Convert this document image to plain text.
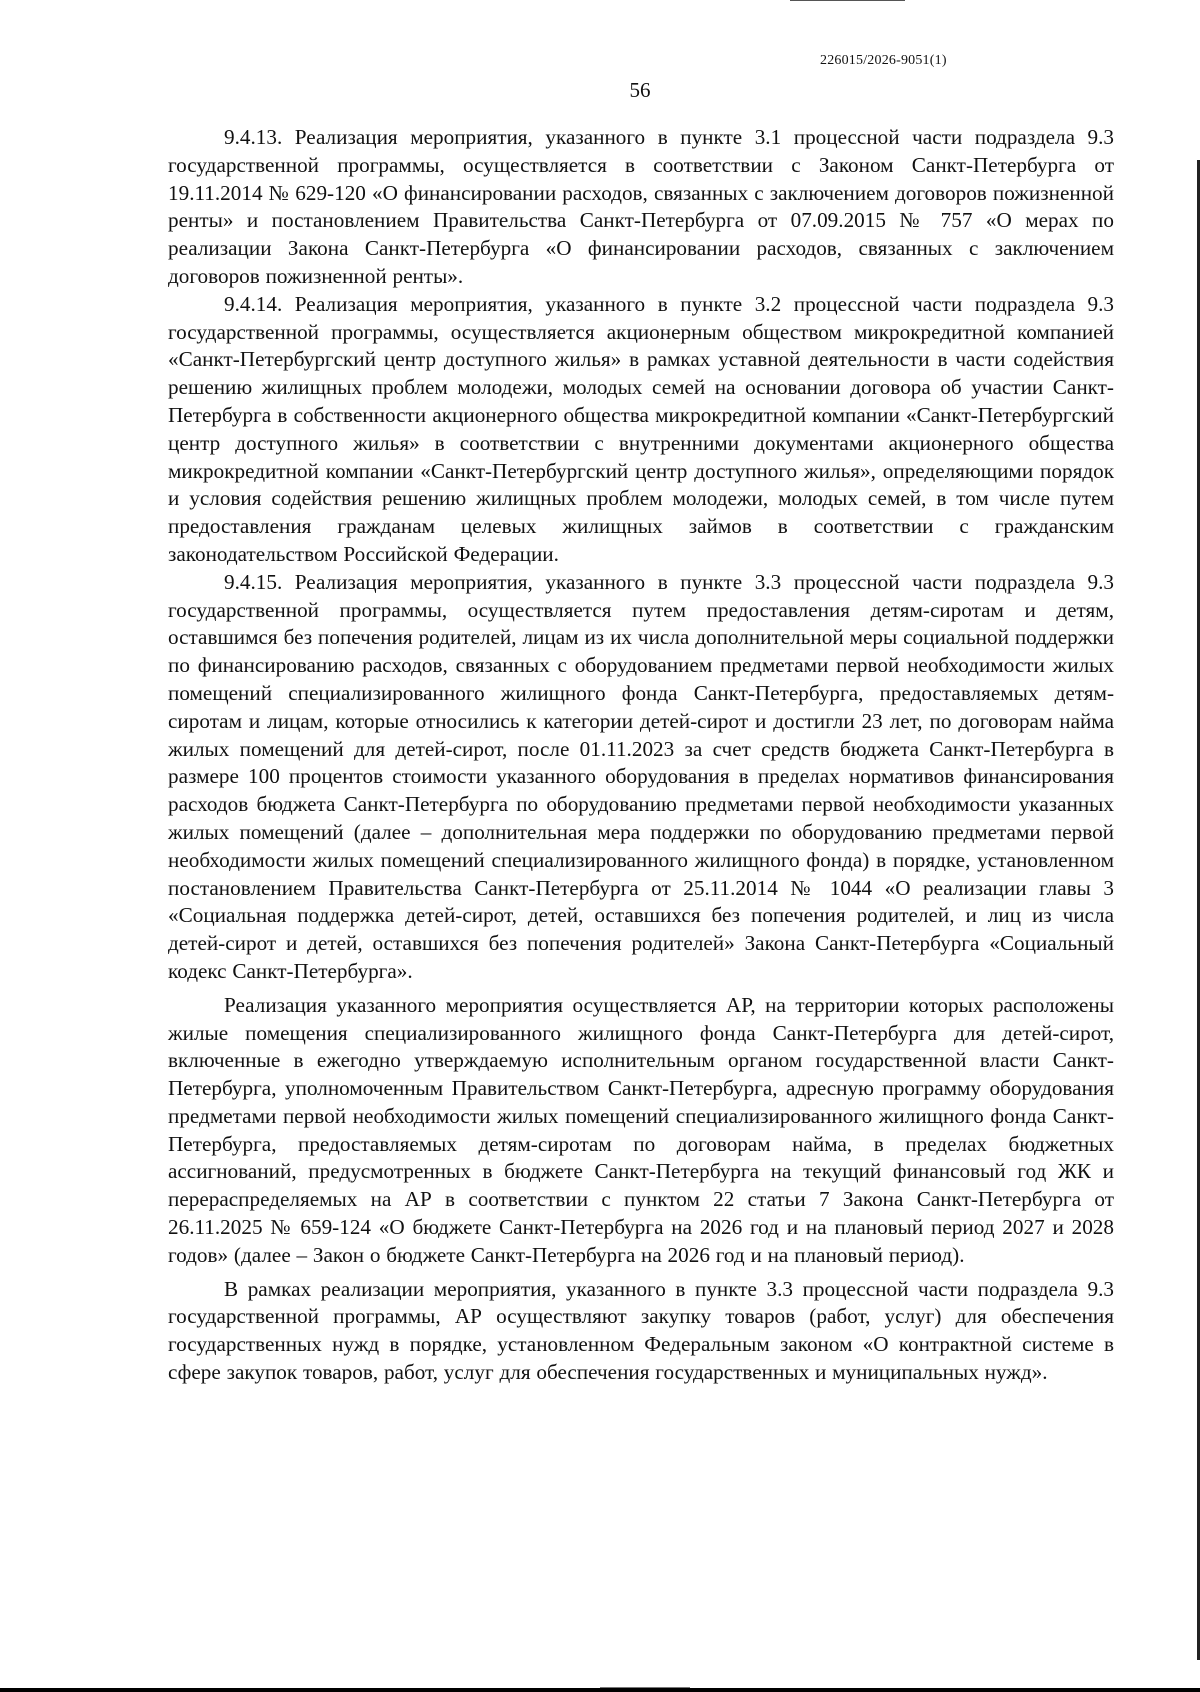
226015/2026-9051(1)
56

9.4.13. Реализация мероприятия, указанного в пункте 3.1 процессной части подраздела 9.3 государственной программы, осуществляется в соответствии с Законом Санкт-Петербурга от 19.11.2014 № 629-120 «О финансировании расходов, связанных с заключением договоров пожизненной ренты» и постановлением Правительства Санкт-Петербурга от 07.09.2015 № 757 «О мерах по реализации Закона Санкт-Петербурга «О финансировании расходов, связанных с заключением договоров пожизненной ренты».

9.4.14. Реализация мероприятия, указанного в пункте 3.2 процессной части подраздела 9.3 государственной программы, осуществляется акционерным обществом микрокредитной компанией «Санкт-Петербургский центр доступного жилья» в рамках уставной деятельности в части содействия решению жилищных проблем молодежи, молодых семей на основании договора об участии Санкт-Петербурга в собственности акционерного общества микрокредитной компании «Санкт-Петербургский центр доступного жилья» в соответствии с внутренними документами акционерного общества микрокредитной компании «Санкт-Петербургский центр доступного жилья», определяющими порядок и условия содействия решению жилищных проблем молодежи, молодых семей, в том числе путем предоставления гражданам целевых жилищных займов в соответствии с гражданским законодательством Российской Федерации.

9.4.15. Реализация мероприятия, указанного в пункте 3.3 процессной части подраздела 9.3 государственной программы, осуществляется путем предоставления детям-сиротам и детям, оставшимся без попечения родителей, лицам из их числа дополнительной меры социальной поддержки по финансированию расходов, связанных с оборудованием предметами первой необходимости жилых помещений специализированного жилищного фонда Санкт-Петербурга, предоставляемых детям-сиротам и лицам, которые относились к категории детей-сирот и достигли 23 лет, по договорам найма жилых помещений для детей-сирот, после 01.11.2023 за счет средств бюджета Санкт-Петербурга в размере 100 процентов стоимости указанного оборудования в пределах нормативов финансирования расходов бюджета Санкт-Петербурга по оборудованию предметами первой необходимости указанных жилых помещений (далее – дополнительная мера поддержки по оборудованию предметами первой необходимости жилых помещений специализированного жилищного фонда) в порядке, установленном постановлением Правительства Санкт-Петербурга от 25.11.2014 № 1044 «О реализации главы 3 «Социальная поддержка детей-сирот, детей, оставшихся без попечения родителей, и лиц из числа детей-сирот и детей, оставшихся без попечения родителей» Закона Санкт-Петербурга «Социальный кодекс Санкт-Петербурга».

Реализация указанного мероприятия осуществляется АР, на территории которых расположены жилые помещения специализированного жилищного фонда Санкт-Петербурга для детей-сирот, включенные в ежегодно утверждаемую исполнительным органом государственной власти Санкт-Петербурга, уполномоченным Правительством Санкт-Петербурга, адресную программу оборудования предметами первой необходимости жилых помещений специализированного жилищного фонда Санкт-Петербурга, предоставляемых детям-сиротам по договорам найма, в пределах бюджетных ассигнований, предусмотренных в бюджете Санкт-Петербурга на текущий финансовый год ЖК и перераспределяемых на АР в соответствии с пунктом 22 статьи 7 Закона Санкт-Петербурга от 26.11.2025 № 659-124 «О бюджете Санкт-Петербурга на 2026 год и на плановый период 2027 и 2028 годов» (далее – Закон о бюджете Санкт-Петербурга на 2026 год и на плановый период).

В рамках реализации мероприятия, указанного в пункте 3.3 процессной части подраздела 9.3 государственной программы, АР осуществляют закупку товаров (работ, услуг) для обеспечения государственных нужд в порядке, установленном Федеральным законом «О контрактной системе в сфере закупок товаров, работ, услуг для обеспечения государственных и муниципальных нужд».
